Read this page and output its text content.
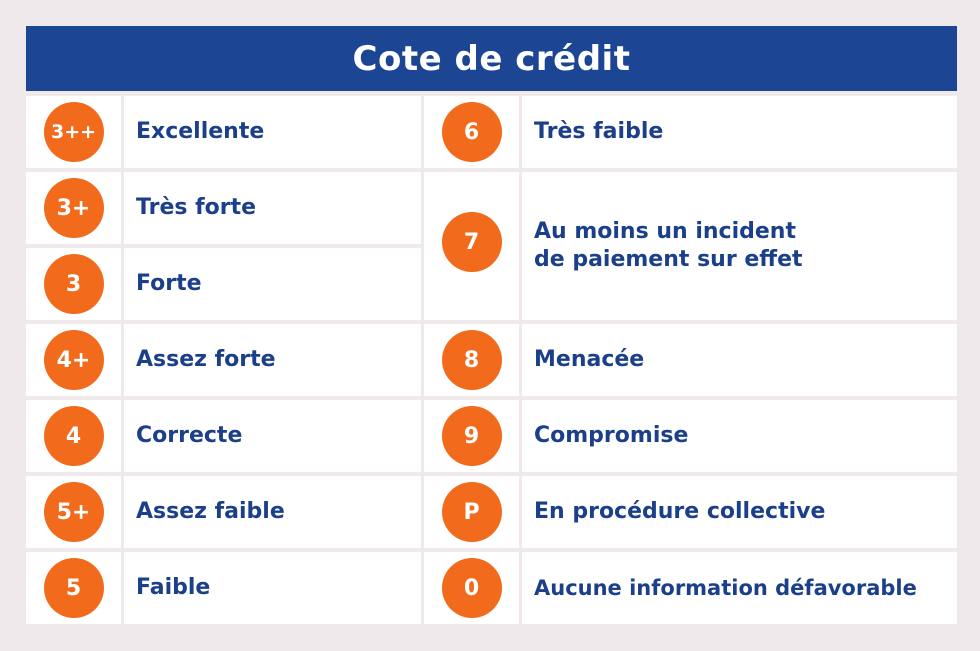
Cote de crédit
3++	Excellente
3+	Très forte
3	Forte
4+	Assez forte
4	Correcte
5+	Assez faible
5	Faible
6	Très faible
7	Au moins un incident
de paiement sur effet
8	Menacée
9	Compromise
P	En procédure collective
0	Aucune information défavorable
